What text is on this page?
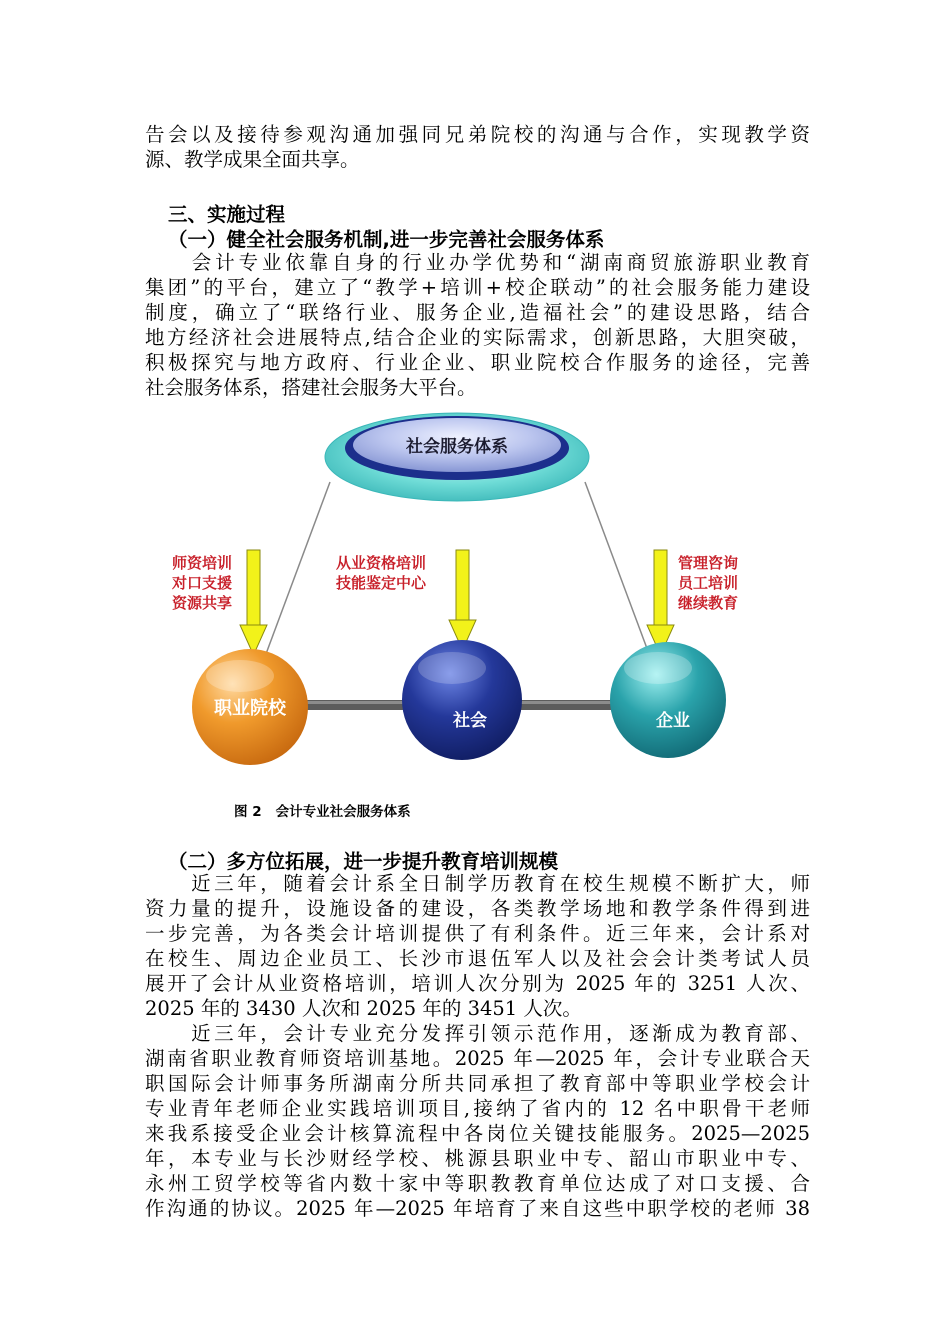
告会以及接待参观沟通加强同兄弟院校的沟通与合作，实现教学资
源、教学成果全面共享。

三、实施过程
（一）健全社会服务机制,进一步完善社会服务体系

　　会计专业依靠自身的行业办学优势和“湖南商贸旅游职业教育
集团”的平台，建立了“教学+培训+校企联动”的社会服务能力建设
制度，确立了“联络行业、服务企业,造福社会”的建设思路，结合
地方经济社会进展特点,结合企业的实际需求，创新思路，大胆突破，
积极探究与地方政府、行业企业、职业院校合作服务的途径，完善
社会服务体系，搭建社会服务大平台。

社会服务体系
师资培训
对口支援
资源共享
从业资格培训
技能鉴定中心
管理咨询
员工培训
继续教育
职业院校
社会	企业
图 2 会计专业社会服务体系
（二）多方位拓展，进一步提升教育培训规模

　　近三年，随着会计系全日制学历教育在校生规模不断扩大，师
资力量的提升，设施设备的建设，各类教学场地和教学条件得到进
一步完善，为各类会计培训提供了有利条件。近三年来，会计系对
在校生、周边企业员工、长沙市退伍军人以及社会会计类考试人员
展开了会计从业资格培训，培训人次分别为 2025 年的 3251 人次、
2025 年的 3430 人次和 2025 年的 3451 人次。

　　近三年，会计专业充分发挥引领示范作用，逐渐成为教育部、
湖南省职业教育师资培训基地。2025 年—2025 年，会计专业联合天
职国际会计师事务所湖南分所共同承担了教育部中等职业学校会计
专业青年老师企业实践培训项目,接纳了省内的 12 名中职骨干老师
来我系接受企业会计核算流程中各岗位关键技能服务。2025—2025
年，本专业与长沙财经学校、桃源县职业中专、韶山市职业中专、
永州工贸学校等省内数十家中等职教教育单位达成了对口支援、合
作沟通的协议。2025 年—2025 年培育了来自这些中职学校的老师 38
